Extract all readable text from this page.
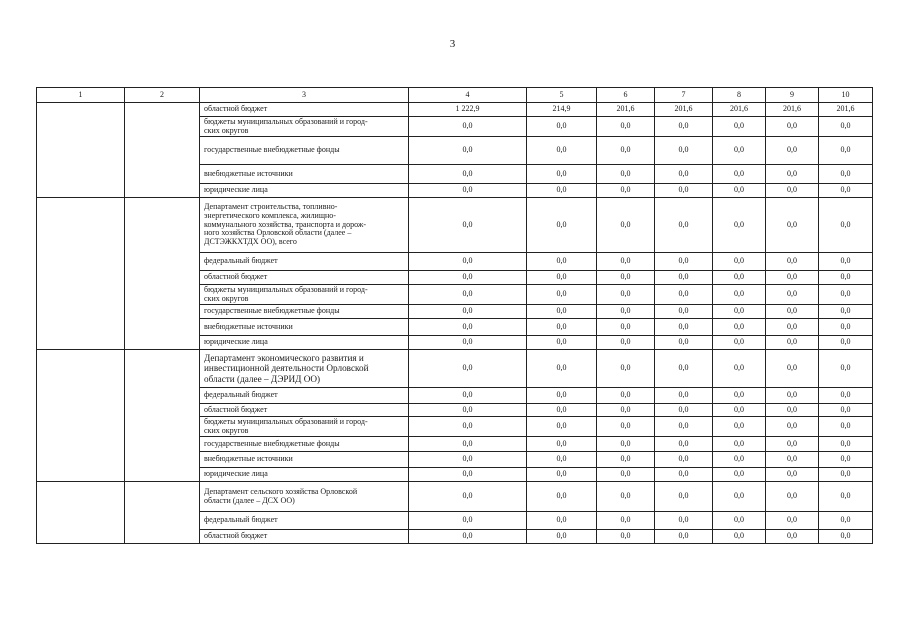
3
1	2	3	4	5	6	7	8	9	10
		областной бюджет	1 222,9	214,9	201,6	201,6	201,6	201,6	201,6
		бюджеты муниципальных образований и город-
ских округов	0,0	0,0	0,0	0,0	0,0	0,0	0,0
		государственные внебюджетные фонды	0,0	0,0	0,0	0,0	0,0	0,0	0,0
		внебюджетные источники	0,0	0,0	0,0	0,0	0,0	0,0	0,0
		юридические лица	0,0	0,0	0,0	0,0	0,0	0,0	0,0
		Департамент строительства, топливно-
энергетического комплекса, жилищно-
коммунального хозяйства, транспорта и дорож-
ного хозяйства Орловской области (далее –
ДСТЭЖКХТДХ ОО), всего	0,0	0,0	0,0	0,0	0,0	0,0	0,0
		федеральный бюджет	0,0	0,0	0,0	0,0	0,0	0,0	0,0
		областной бюджет	0,0	0,0	0,0	0,0	0,0	0,0	0,0
		бюджеты муниципальных образований и город-
ских округов	0,0	0,0	0,0	0,0	0,0	0,0	0,0
		государственные внебюджетные фонды	0,0	0,0	0,0	0,0	0,0	0,0	0,0
		внебюджетные источники	0,0	0,0	0,0	0,0	0,0	0,0	0,0
		юридические лица	0,0	0,0	0,0	0,0	0,0	0,0	0,0
		Департамент экономического развития и
инвестиционной деятельности Орловской
области (далее – ДЭРИД ОО)	0,0	0,0	0,0	0,0	0,0	0,0	0,0
		федеральный бюджет	0,0	0,0	0,0	0,0	0,0	0,0	0,0
		областной бюджет	0,0	0,0	0,0	0,0	0,0	0,0	0,0
		бюджеты муниципальных образований и город-
ских округов	0,0	0,0	0,0	0,0	0,0	0,0	0,0
		государственные внебюджетные фонды	0,0	0,0	0,0	0,0	0,0	0,0	0,0
		внебюджетные источники	0,0	0,0	0,0	0,0	0,0	0,0	0,0
		юридические лица	0,0	0,0	0,0	0,0	0,0	0,0	0,0
		Департамент сельского хозяйства Орловской
области (далее – ДСХ ОО)	0,0	0,0	0,0	0,0	0,0	0,0	0,0
		федеральный бюджет	0,0	0,0	0,0	0,0	0,0	0,0	0,0
		областной бюджет	0,0	0,0	0,0	0,0	0,0	0,0	0,0
